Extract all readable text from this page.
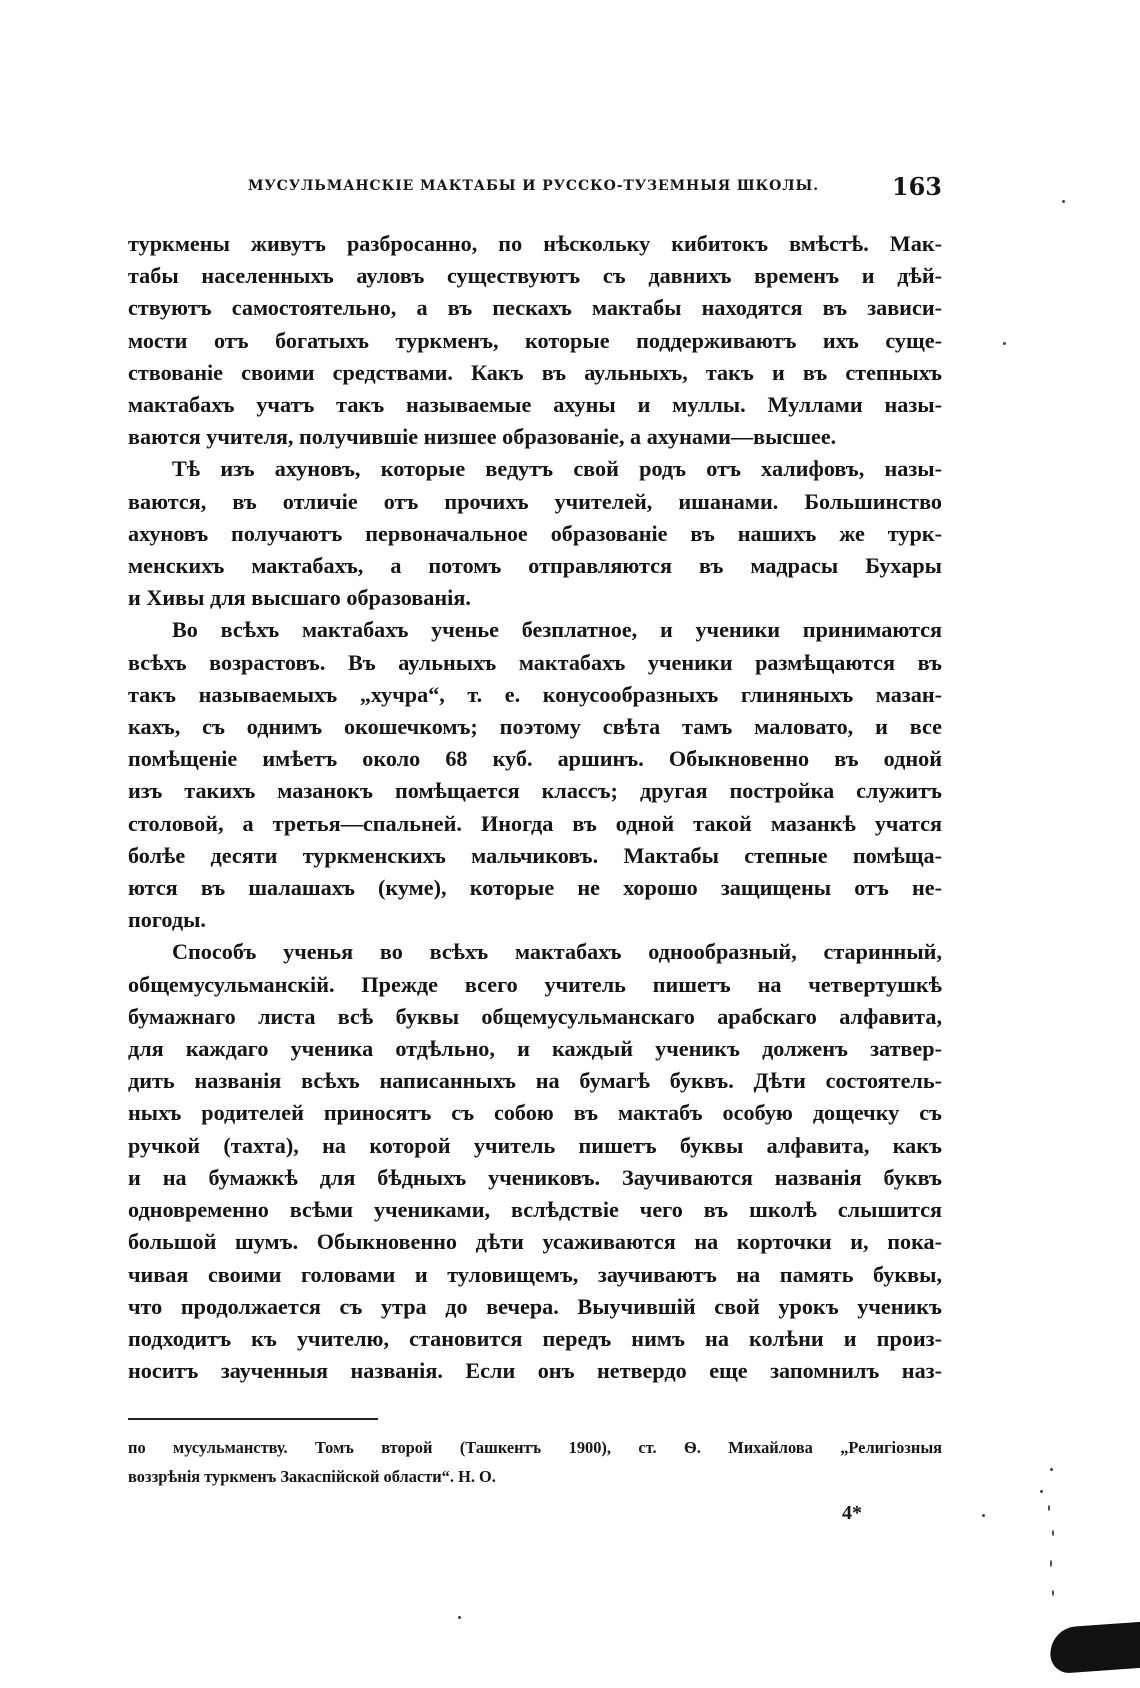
МУСУЛЬМАНСКІЕ МАКТАБЫ И РУССКО-ТУЗЕМНЫЯ ШКОЛЫ.	163

туркмены живутъ разбросанно, по нѣскольку кибитокъ вмѣстѣ. Мак-
табы населенныхъ ауловъ существуютъ съ давнихъ временъ и дѣй-
ствуютъ самостоятельно, а въ пескахъ мактабы находятся въ зависи-
мости отъ богатыхъ туркменъ, которые поддерживаютъ ихъ суще-
ствованіе своими средствами. Какъ въ аульныхъ, такъ и въ степныхъ
мактабахъ учатъ такъ называемые ахуны и муллы. Муллами назы-
ваются учителя, получившіе низшее образованіе, а ахунами—высшее.

Тѣ изъ ахуновъ, которые ведутъ свой родъ отъ халифовъ, назы-
ваются, въ отличіе отъ прочихъ учителей, ишанами. Большинство
ахуновъ получаютъ первоначальное образованіе въ нашихъ же турк-
менскихъ мактабахъ, а потомъ отправляются въ мадрасы Бухары
и Хивы для высшаго образованія.

Во всѣхъ мактабахъ ученье безплатное, и ученики принимаются
всѣхъ возрастовъ. Въ аульныхъ мактабахъ ученики размѣщаются въ
такъ называемыхъ „хучра“, т. е. конусообразныхъ глиняныхъ мазан-
кахъ, съ однимъ окошечкомъ; поэтому свѣта тамъ маловато, и все
помѣщеніе имѣетъ около 68 куб. аршинъ. Обыкновенно въ одной
изъ такихъ мазанокъ помѣщается классъ; другая постройка служитъ
столовой, а третья—спальней. Иногда въ одной такой мазанкѣ учатся
болѣе десяти туркменскихъ мальчиковъ. Мактабы степные помѣща-
ются въ шалашахъ (куме), которые не хорошо защищены отъ не-
погоды.

Способъ ученья во всѣхъ мактабахъ однообразный, старинный,
общемусульманскій. Прежде всего учитель пишетъ на четвертушкѣ
бумажнаго листа всѣ буквы общемусульманскаго арабскаго алфавита,
для каждаго ученика отдѣльно, и каждый ученикъ долженъ затвер-
дить названія всѣхъ написанныхъ на бумагѣ буквъ. Дѣти состоятель-
ныхъ родителей приносятъ съ собою въ мактабъ особую дощечку съ
ручкой (тахта), на которой учитель пишетъ буквы алфавита, какъ
и на бумажкѣ для бѣдныхъ учениковъ. Заучиваются названія буквъ
одновременно всѣми учениками, вслѣдствіе чего въ школѣ слышится
большой шумъ. Обыкновенно дѣти усаживаются на корточки и, пока-
чивая своими головами и туловищемъ, заучиваютъ на память буквы,
что продолжается съ утра до вечера. Выучившій свой урокъ ученикъ
подходитъ къ учителю, становится передъ нимъ на колѣни и произ-
носитъ заученныя названія. Если онъ нетвердо еще запомнилъ наз-

по мусульманству. Томъ второй (Ташкентъ 1900), ст. Ѳ. Михайлова „Религіозныя
воззрѣнія туркменъ Закаспійской области“. Н. О.
4*
